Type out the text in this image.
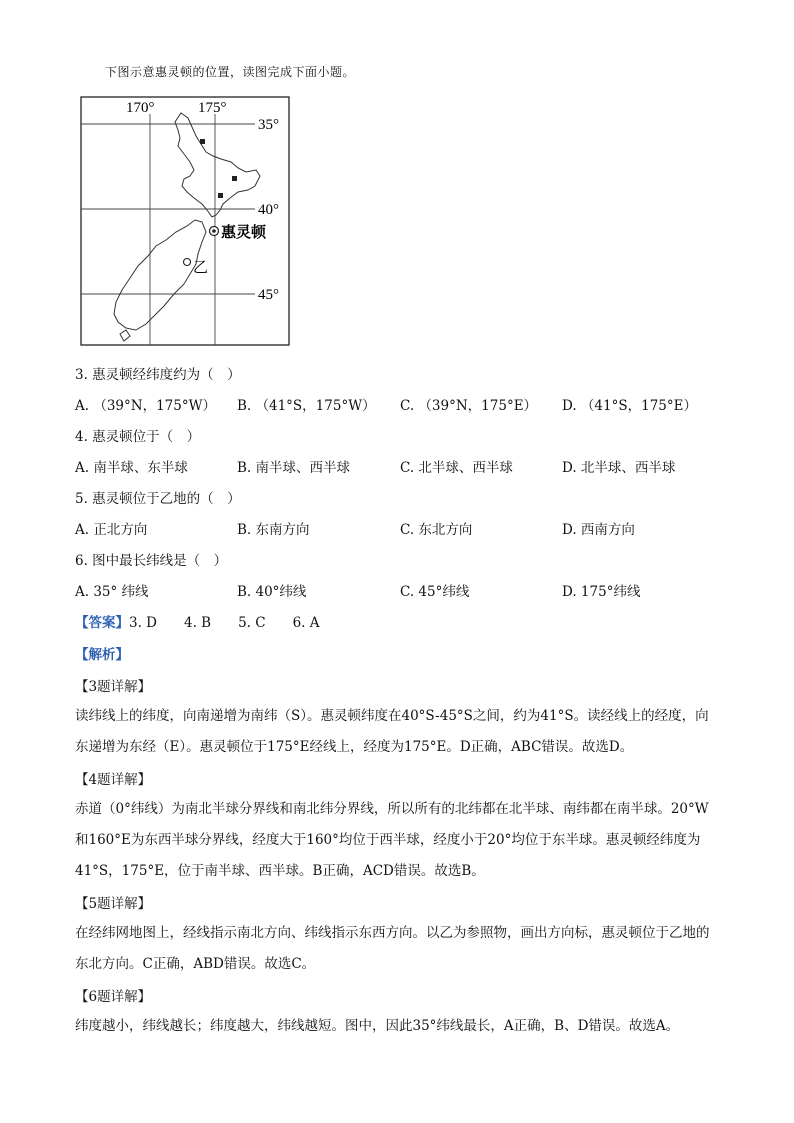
下图示意惠灵顿的位置，读图完成下面小题。
170°	175°
35°
40°
45°
惠灵顿
乙
3. 惠灵顿经纬度约为（　）
A. （39°N，175°W） B. （41°S，175°W） C. （39°N，175°E） D. （41°S，175°E）
4. 惠灵顿位于（　）
A. 南半球、东半球	B. 南半球、西半球	C. 北半球、西半球	D. 北半球、西半球
5. 惠灵顿位于乙地的（　）
A. 正北方向	B. 东南方向	C. 东北方向	D. 西南方向
6. 图中最长纬线是（　）
A. 35° 纬线	B. 40°纬线	C. 45°纬线	D. 175°纬线
【答案】3. D　　4. B　　5. C　　6. A
【解析】
【3题详解】
读纬线上的纬度，向南递增为南纬（S）。惠灵顿纬度在40°S-45°S之间，约为41°S。读经线上的经度，向东递增为东经（E）。惠灵顿位于175°E经线上，经度为175°E。D正确，ABC错误。故选D。
【4题详解】
赤道（0°纬线）为南北半球分界线和南北纬分界线，所以所有的北纬都在北半球、南纬都在南半球。20°W和160°E为东西半球分界线，经度大于160°均位于西半球，经度小于20°均位于东半球。惠灵顿经纬度为41°S，175°E，位于南半球、西半球。B正确，ACD错误。故选B。
【5题详解】
在经纬网地图上，经线指示南北方向、纬线指示东西方向。以乙为参照物，画出方向标，惠灵顿位于乙地的东北方向。C正确，ABD错误。故选C。
【6题详解】
纬度越小，纬线越长；纬度越大，纬线越短。图中，因此35°纬线最长，A正确，B、D错误。故选A。
